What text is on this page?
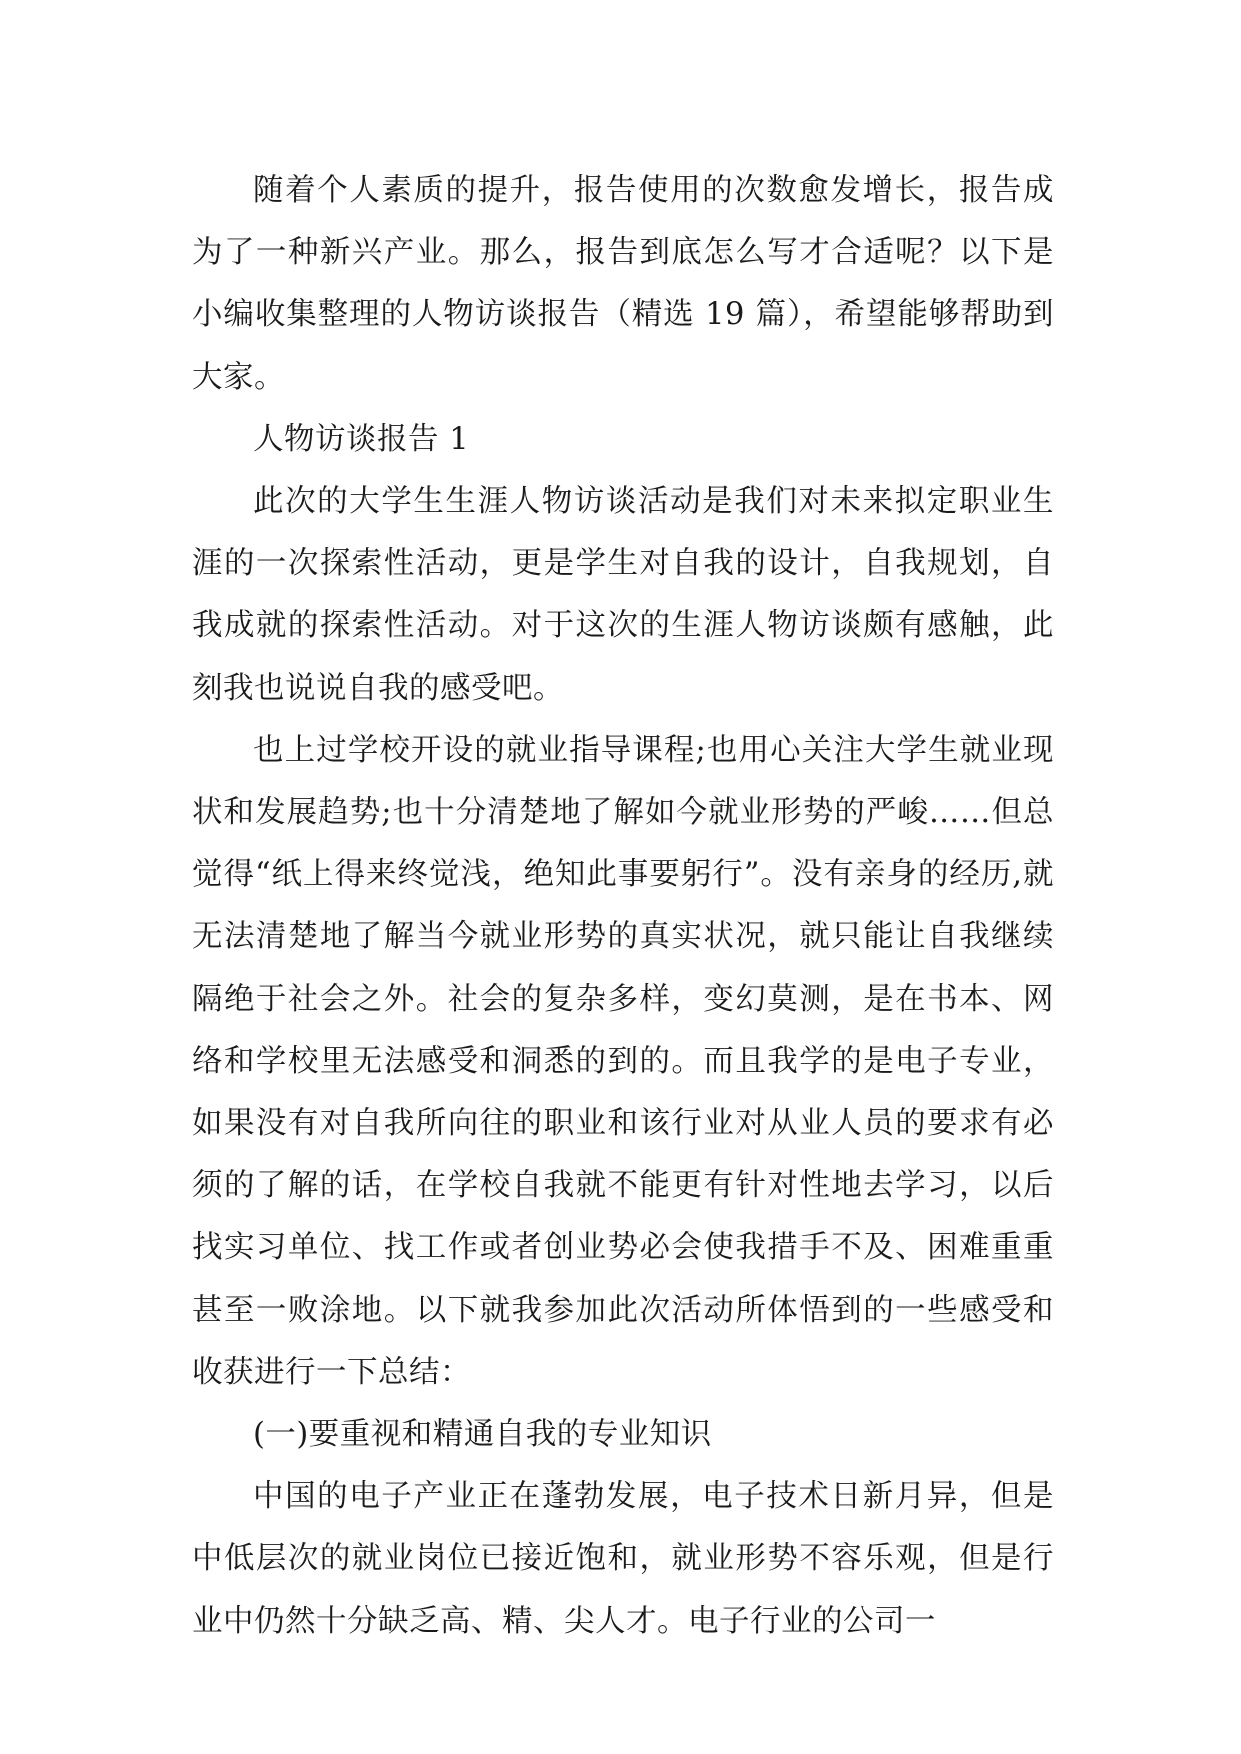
随着个人素质的提升，报告使用的次数愈发增长，报告成为了一种新兴产业。那么，报告到底怎么写才合适呢？以下是小编收集整理的人物访谈报告（精选 19 篇），希望能够帮助到大家。

人物访谈报告 1

此次的大学生生涯人物访谈活动是我们对未来拟定职业生涯的一次探索性活动，更是学生对自我的设计，自我规划，自我成就的探索性活动。对于这次的生涯人物访谈颇有感触，此刻我也说说自我的感受吧。

也上过学校开设的就业指导课程;也用心关注大学生就业现状和发展趋势;也十分清楚地了解如今就业形势的严峻……但总觉得“纸上得来终觉浅，绝知此事要躬行”。没有亲身的经历,就无法清楚地了解当今就业形势的真实状况，就只能让自我继续隔绝于社会之外。社会的复杂多样，变幻莫测，是在书本、网络和学校里无法感受和洞悉的到的。而且我学的是电子专业，如果没有对自我所向往的职业和该行业对从业人员的要求有必须的了解的话，在学校自我就不能更有针对性地去学习，以后找实习单位、找工作或者创业势必会使我措手不及、困难重重甚至一败涂地。以下就我参加此次活动所体悟到的一些感受和收获进行一下总结：

(一)要重视和精通自我的专业知识

中国的电子产业正在蓬勃发展，电子技术日新月异，但是中低层次的就业岗位已接近饱和，就业形势不容乐观，但是行业中仍然十分缺乏高、精、尖人才。电子行业的公司一
